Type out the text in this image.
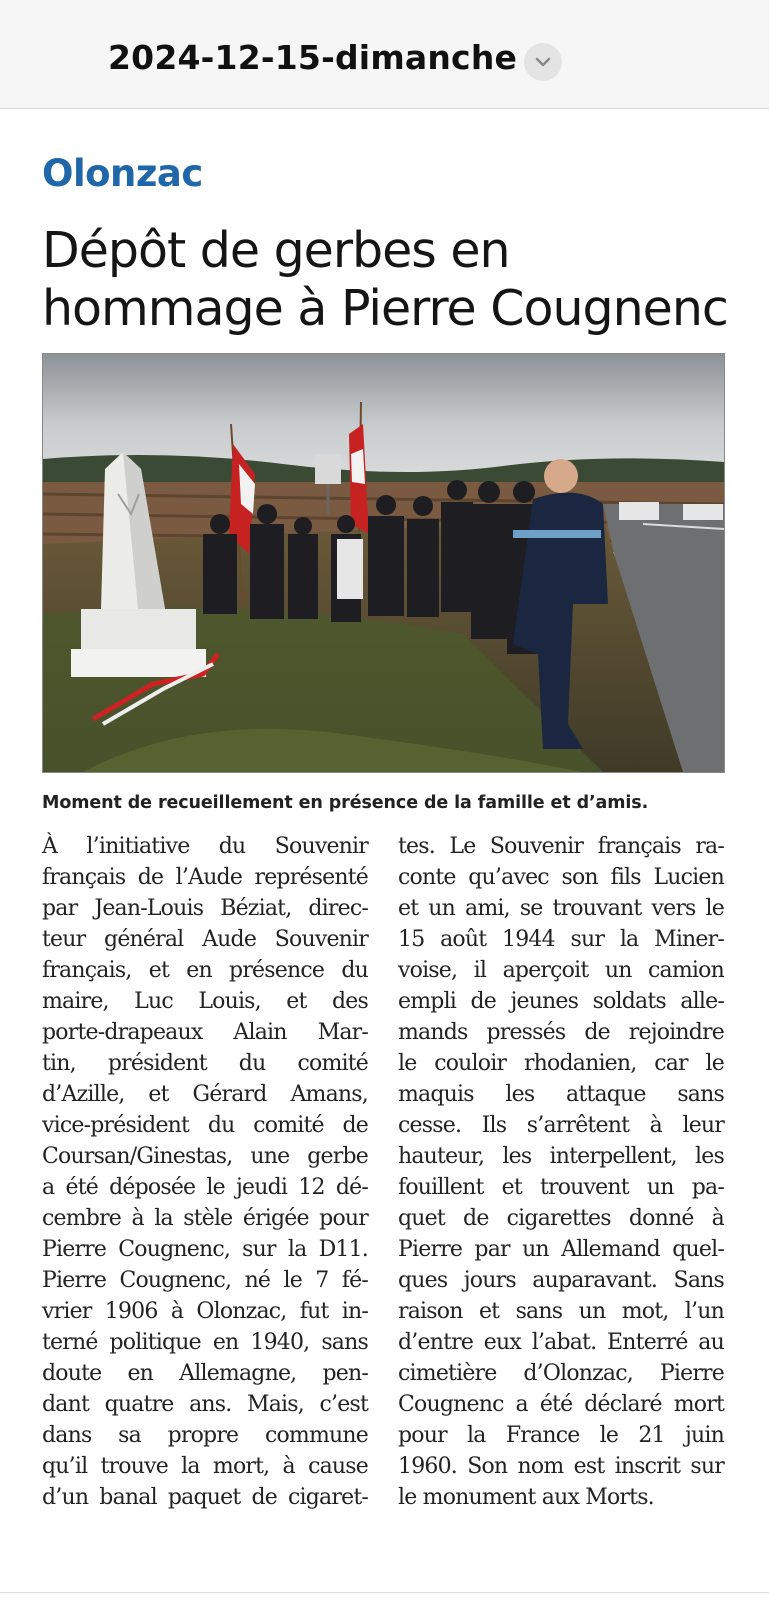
2024-12-15-dimanche
Olonzac
Dépôt de gerbes en
hommage à Pierre Cougnenc
Moment de recueillement en présence de la famille et d’amis.
À l’initiative du Souvenir
français de l’Aude représenté
par Jean-Louis Béziat, direc-
teur général Aude Souvenir
français, et en présence du
maire, Luc Louis, et des
porte-drapeaux Alain Mar-
tin, président du comité
d’Azille, et Gérard Amans,
vice-président du comité de
Coursan/Ginestas, une gerbe
a été déposée le jeudi 12 dé-
cembre à la stèle érigée pour
Pierre Cougnenc, sur la D11.
Pierre Cougnenc, né le 7 fé-
vrier 1906 à Olonzac, fut in-
terné politique en 1940, sans
doute en Allemagne, pen-
dant quatre ans. Mais, c’est
dans sa propre commune
qu’il trouve la mort, à cause
d’un banal paquet de cigaret-
tes. Le Souvenir français ra-
conte qu’avec son fils Lucien
et un ami, se trouvant vers le
15 août 1944 sur la Miner-
voise, il aperçoit un camion
empli de jeunes soldats alle-
mands pressés de rejoindre
le couloir rhodanien, car le
maquis les attaque sans
cesse. Ils s’arrêtent à leur
hauteur, les interpellent, les
fouillent et trouvent un pa-
quet de cigarettes donné à
Pierre par un Allemand quel-
ques jours auparavant. Sans
raison et sans un mot, l’un
d’entre eux l’abat. Enterré au
cimetière d’Olonzac, Pierre
Cougnenc a été déclaré mort
pour la France le 21 juin
1960. Son nom est inscrit sur
le monument aux Morts.
